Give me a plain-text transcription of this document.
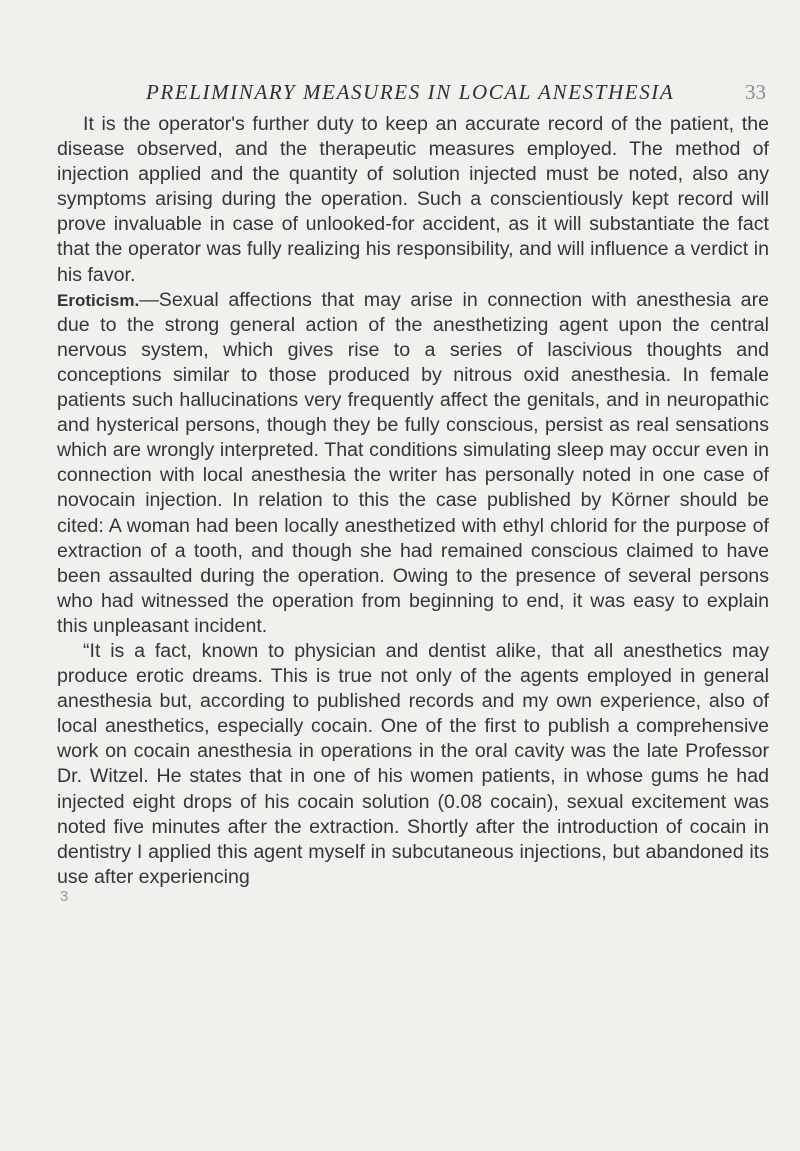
PRELIMINARY MEASURES IN LOCAL ANESTHESIA	33

It is the operator's further duty to keep an accurate record of the patient, the disease observed, and the therapeutic measures employed. The method of injection applied and the quantity of solution injected must be noted, also any symptoms arising during the operation. Such a conscientiously kept record will prove invaluable in case of unlooked-for accident, as it will substantiate the fact that the operator was fully realizing his responsibility, and will influence a verdict in his favor.

Eroticism.—Sexual affections that may arise in connection with anesthesia are due to the strong general action of the anesthetizing agent upon the central nervous system, which gives rise to a series of lascivious thoughts and conceptions similar to those produced by nitrous oxid anesthesia. In female patients such hallucinations very frequently affect the genitals, and in neuropathic and hysterical persons, though they be fully conscious, persist as real sensations which are wrongly interpreted. That conditions simulating sleep may occur even in connection with local anesthesia the writer has personally noted in one case of novocain injection. In relation to this the case published by Körner should be cited: A woman had been locally anesthetized with ethyl chlorid for the purpose of extraction of a tooth, and though she had remained conscious claimed to have been assaulted during the operation. Owing to the presence of several persons who had witnessed the operation from beginning to end, it was easy to explain this unpleasant incident.

“It is a fact, known to physician and dentist alike, that all anesthetics may produce erotic dreams. This is true not only of the agents employed in general anesthesia but, according to published records and my own experience, also of local anesthetics, especially cocain. One of the first to publish a comprehensive work on cocain anesthesia in operations in the oral cavity was the late Professor Dr. Witzel. He states that in one of his women patients, in whose gums he had injected eight drops of his cocain solution (0.08 cocain), sexual excitement was noted five minutes after the extraction. Shortly after the introduction of cocain in dentistry I applied this agent myself in subcutaneous injections, but abandoned its use after experiencing

3
